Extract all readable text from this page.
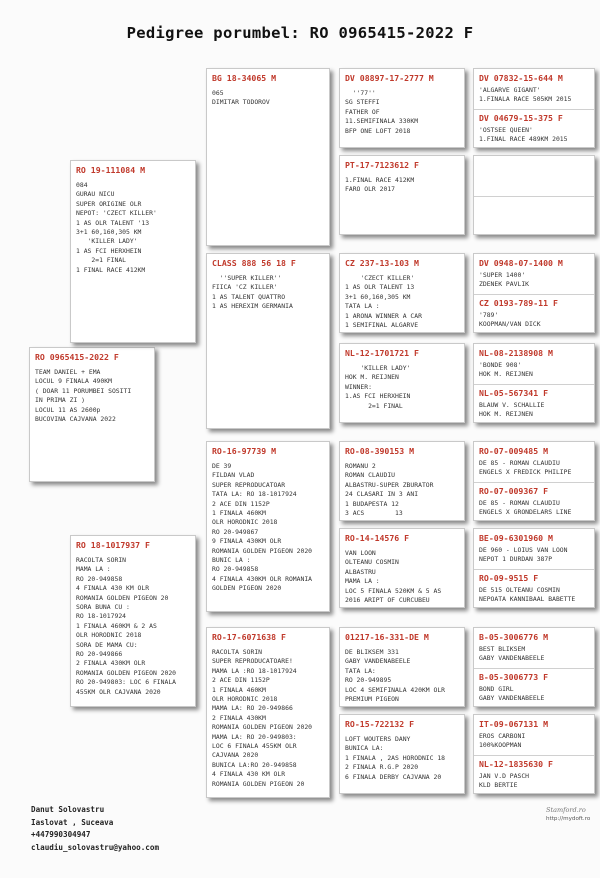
Pedigree porumbel: RO 0965415-2022 F
RO 0965415-2022 F
TEAM DANIEL + EMA
LOCUL 9 FINALA 490KM
( DOAR 11 PORUMBEI SOSITI
IN PRIMA ZI )
LOCUL 11 AS 2600p
BUCOVINA CAJVANA 2022
RO 19-111084 M
084
GURAU NICU
SUPER ORIGINE OLR
NEPOT: 'CZECT KILLER'
1 AS OLR TALENT '13
3+1 60,160,305 KM
'KILLER LADY'
1 AS FCI HERXHEIN
2=1 FINAL
1 FINAL RACE 412KM
RO 18-1017937 F
RACOLTA SORIN
MAMA LA :
RO 20-949858
4 FINALA 430 KM OLR
ROMANIA GOLDEN PIGEON 20
SORA BUNA CU :
RO 18-1017924
1 FINALA 460KM & 2 AS
OLR HORODNIC 2018
SORA DE MAMA CU:
RO 20-949866
2 FINALA 430KM OLR
ROMANIA GOLDEN PIGEON 2020
RO 20-949803: LOC 6 FINALA
455KM OLR CAJVANA 2020
BG 18-34065 M
065
DIMITAR TODOROV
CLASS 888 56 18 F
''SUPER KILLER''
FIICA 'CZ KILLER'
1 AS TALENT QUATTRO
1 AS HEREXIM GERMANIA
RO-16-97739 M
DE 39
FILDAN VLAD
SUPER REPRODUCATOAR
TATA LA: RO 18-1017924
2 ACE DIN 1152P
1 FINALA 460KM
OLR HORODNIC 2018
RO 20-949867
9 FINALA 430KM OLR
ROMANIA GOLDEN PIGEON 2020
BUNIC LA :
RO 20-949858
4 FINALA 430KM OLR ROMANIA
GOLDEN PIGEON 2020
RO-17-6071638 F
RACOLTA SORIN
SUPER REPRODUCATOARE!
MAMA LA :RO 18-1017924
2 ACE DIN 1152P
1 FINALA 460KM
OLR HORODNIC 2018
MAMA LA: RO 20-949866
2 FINALA 430KM
ROMANIA GOLDEN PIGEON 2020
MAMA LA: RO 20-949803:
LOC 6 FINALA 455KM OLR
CAJVANA 2020
BUNICA LA:RO 20-949858
4 FINALA 430 KM OLR
ROMANIA GOLDEN PIGEON 20
DV 08897-17-2777 M
''77''
SG STEFFI
FATHER OF
11.SEMIFINALA 330KM
BFP ONE LOFT 2018
PT-17-7123612 F
1.FINAL RACE 412KM
FARO OLR 2017
CZ 237-13-103 M
'CZECT KILLER'
1 AS OLR TALENT 13
3+1 60,160,305 KM
TATA LA :
1 ARONA WINNER A CAR
1 SEMIFINAL ALGARVE
NL-12-1701721 F
'KILLER LADY'
HOK M. REIJNEN
WINNER:
1.AS FCI HERXHEIN
2=1 FINAL
RO-08-390153 M
ROMANU 2
ROMAN CLAUDIU
ALBASTRU-SUPER ZBURATOR
24 CLASARI IN 3 ANI
1 BUDAPESTA 12
3 ACS        13
RO-14-14576 F
VAN LOON
OLTEANU COSMIN
ALBASTRU
MAMA LA :
LOC 5 FINALA 520KM & 5 AS
2016 ARIPT OF CURCUBEU
01217-16-331-DE M
DE BLIKSEM 331
GABY VANDENABEELE
TATA LA:
RO 20-949895
LOC 4 SEMIFINALA 420KM OLR
PREMIUM PIGEON
RO-15-722132 F
LOFT WOUTERS DANY
BUNICA LA:
1 FINALA , 2AS HORODNIC 18
2 FINALA R.G.P 2020
6 FINALA DERBY CAJVANA 20
DV 07832-15-644 M
'ALGARVE GIGANT'
1.FINALA RACE 505KM 2015
DV 04679-15-375 F
'OSTSEE QUEEN'
1.FINAL RACE 489KM 2015
DV 0948-07-1400 M
'SUPER 1400'
ZDENEK PAVLIK
CZ 0193-789-11 F
'789'
KOOPMAN/VAN DICK
NL-08-2138908 M
'BONDE 908'
HOK M. REIJNEN
NL-05-567341 F
BLAUW V. SCHALLIE
HOK M. REIJNEN
RO-07-009485 M
DE 85 - ROMAN CLAUDIU
ENGELS X FREDICK PHILIPE
RO-07-009367 F
DE 85 - ROMAN CLAUDIU
ENGELS X GRONDELARS LINE
BE-09-6301960 M
DE 960 - LOIUS VAN LOON
NEPOT 1 DURDAN 387P
RO-09-9515 F
DE 515 OLTEANU COSMIN
NEPOATA KANNIBAAL BABETTE
B-05-3006776 M
BEST BLIKSEM
GABY VANDENABEELE
B-05-3006773 F
BOND GIRL
GABY VANDENABEELE
IT-09-067131 M
EROS CARBONI
100%KOOPMAN
NL-12-1835630 F
JAN V.D PASCH
KLD BERTIE
Danut Solovastru
Iaslovat , Suceava
+447990304947
claudiu_solovastru@yahoo.com
Stamford.ro
http://mydoft.ro
